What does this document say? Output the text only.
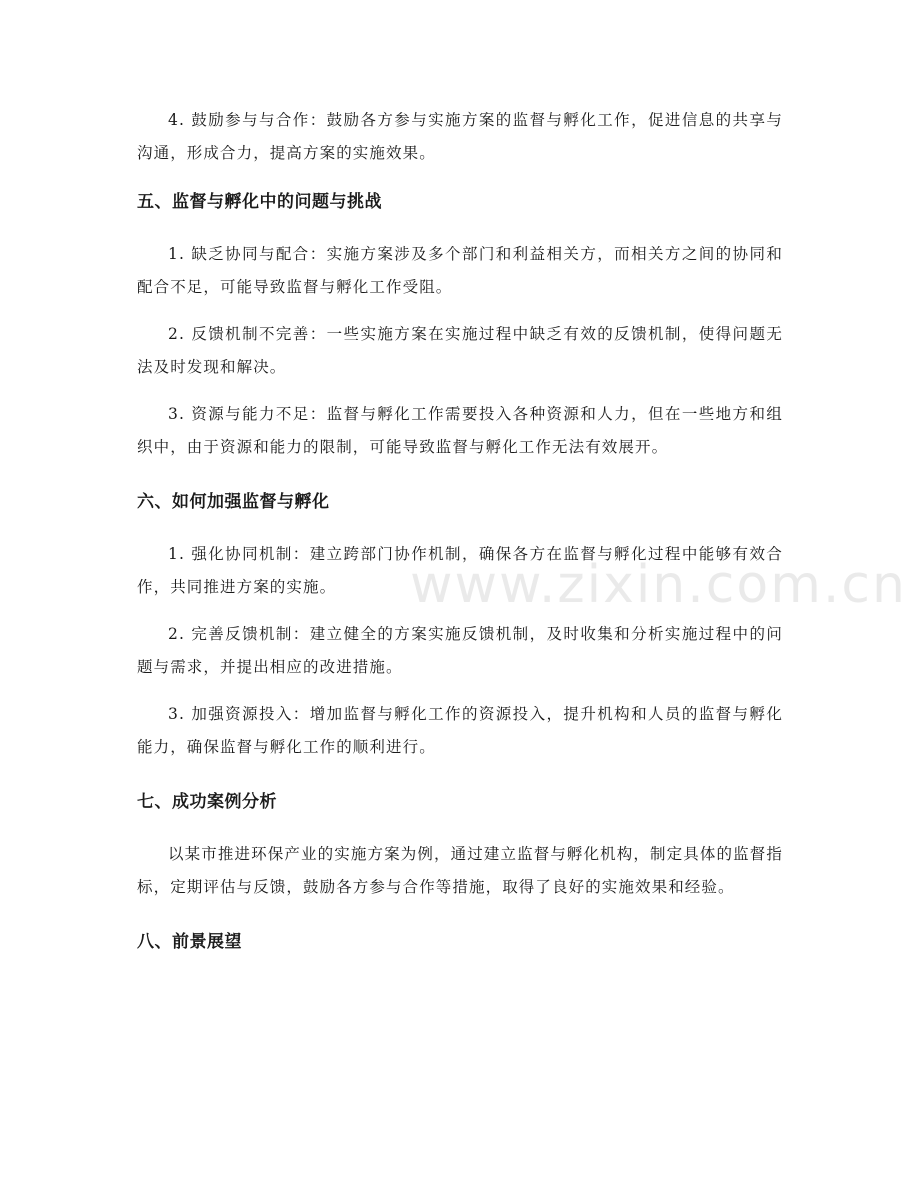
4. 鼓励参与与合作：鼓励各方参与实施方案的监督与孵化工作，促进信息的共享与沟通，形成合力，提高方案的实施效果。

五、监督与孵化中的问题与挑战

1. 缺乏协同与配合：实施方案涉及多个部门和利益相关方，而相关方之间的协同和配合不足，可能导致监督与孵化工作受阻。

2. 反馈机制不完善：一些实施方案在实施过程中缺乏有效的反馈机制，使得问题无法及时发现和解决。

3. 资源与能力不足：监督与孵化工作需要投入各种资源和人力，但在一些地方和组织中，由于资源和能力的限制，可能导致监督与孵化工作无法有效展开。

六、如何加强监督与孵化

1. 强化协同机制：建立跨部门协作机制，确保各方在监督与孵化过程中能够有效合作，共同推进方案的实施。

2. 完善反馈机制：建立健全的方案实施反馈机制，及时收集和分析实施过程中的问题与需求，并提出相应的改进措施。

3. 加强资源投入：增加监督与孵化工作的资源投入，提升机构和人员的监督与孵化能力，确保监督与孵化工作的顺利进行。

七、成功案例分析

以某市推进环保产业的实施方案为例，通过建立监督与孵化机构，制定具体的监督指标，定期评估与反馈，鼓励各方参与合作等措施，取得了良好的实施效果和经验。

八、前景展望
www.zixin.com.cn
